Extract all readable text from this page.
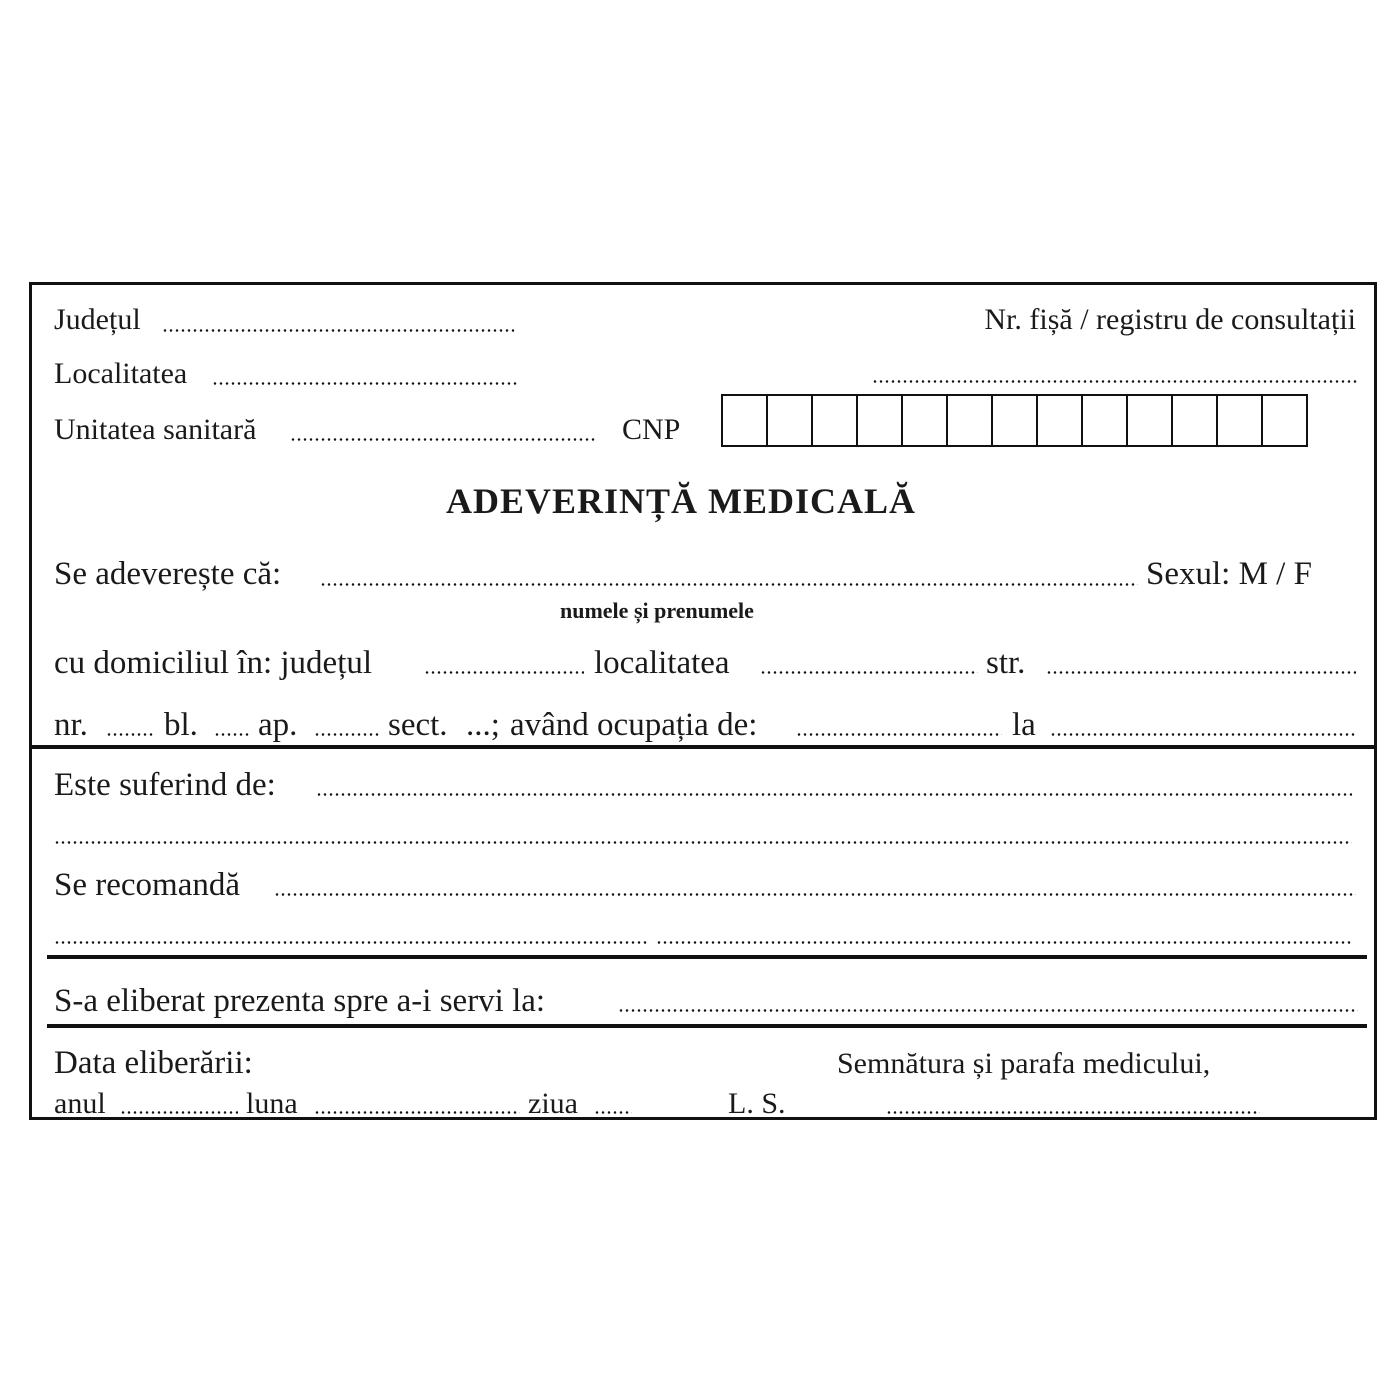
Județul
Localitatea
Unitatea sanitară	CNP
Nr. fișă / registru de consultații
ADEVERINȚĂ MEDICALĂ
Se adeverește că:	Sexul: M / F
numele și prenumele
cu domiciliul în: județul	localitatea	str.
nr. bl. ap.	sect. ...; având ocupația de:	la
Este suferind de:
Se recomandă
S-a eliberat prezenta spre a-i servi la:
Data eliberării:	Semnătura și parafa medicului,
anul	luna	ziua	L. S.
